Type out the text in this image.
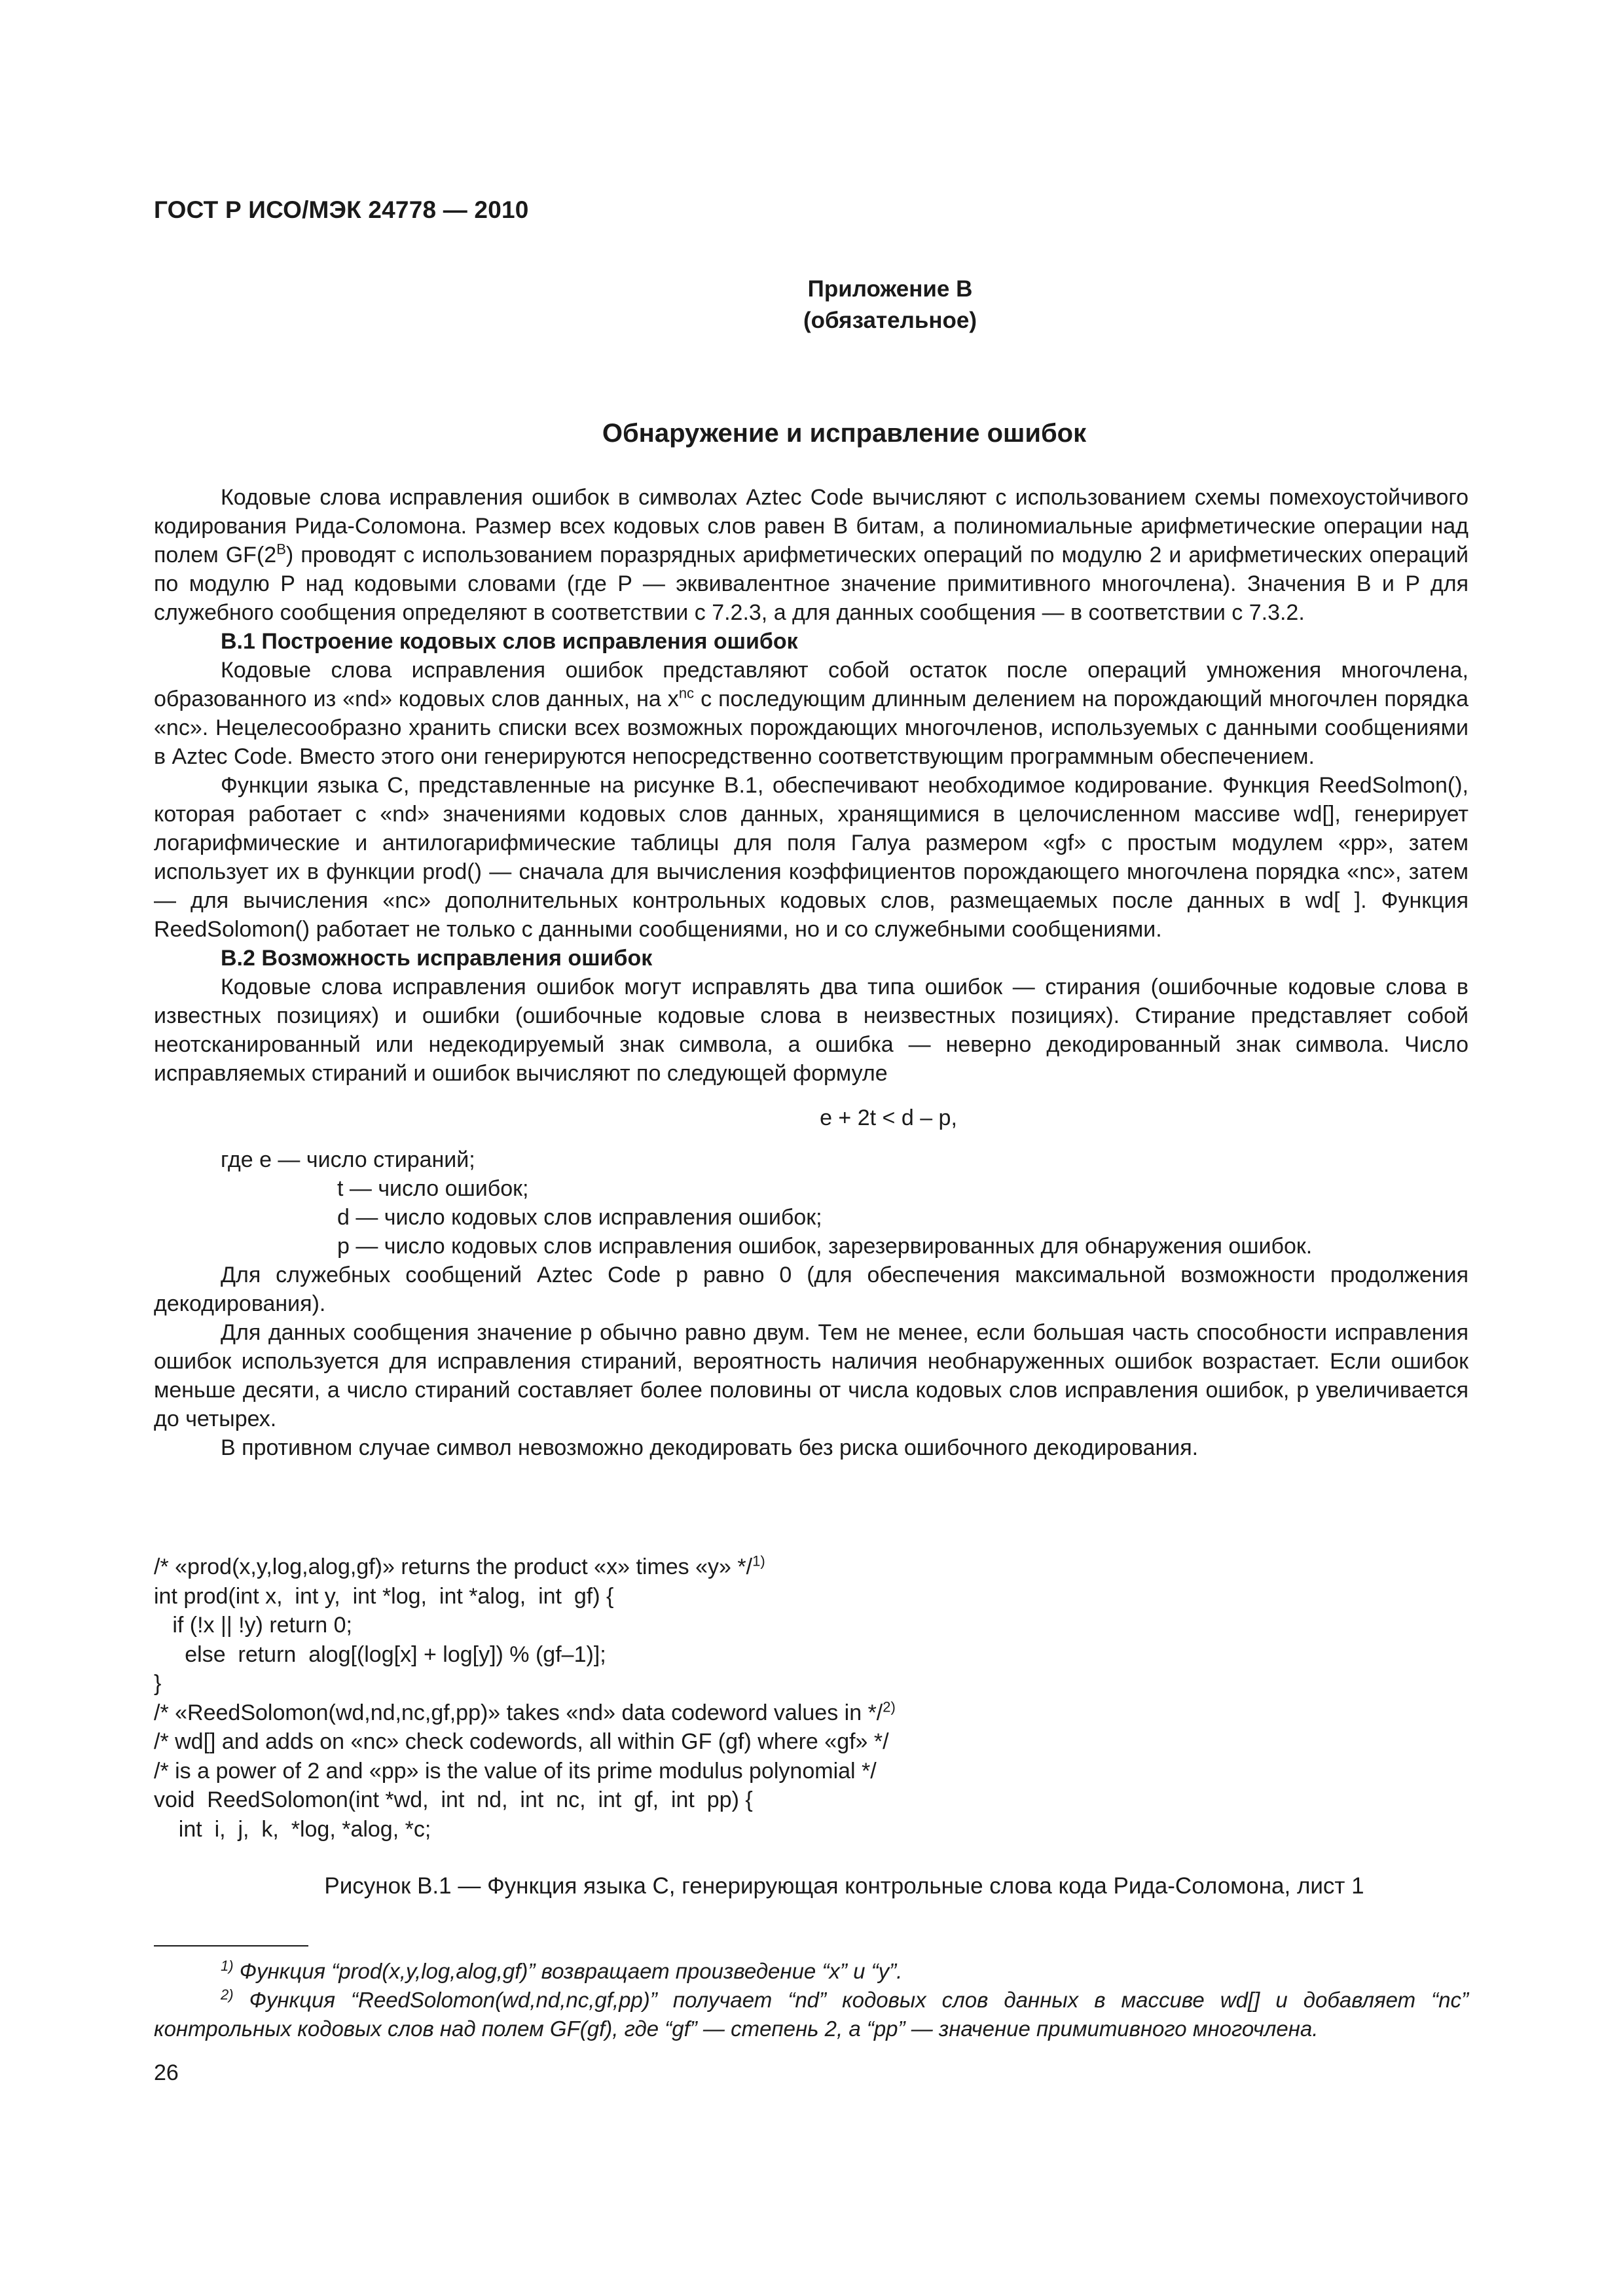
ГОСТ Р ИСО/МЭК 24778 — 2010
Приложение В
(обязательное)
Обнаружение и исправление ошибок

Кодовые слова исправления ошибок в символах Aztec Code вычисляют с использованием схемы помехоустойчивого кодирования Рида-Соломона. Размер всех кодовых слов равен B битам, а полиномиальные арифметические операции над полем $GF(2^B)$ проводят с использованием поразрядных арифметических операций по модулю 2 и арифметических операций по модулю P над кодовыми словами (где P — эквивалентное значение примитивного многочлена). Значения B и P для служебного сообщения определяют в соответствии с 7.2.3, а для данных сообщения — в соответствии с 7.3.2.

В.1 Построение кодовых слов исправления ошибок

Кодовые слова исправления ошибок представляют собой остаток после операций умножения многочлена, образованного из «nd» кодовых слов данных, на $x^{nc}$ с последующим длинным делением на порождающий многочлен порядка «nc». Нецелесообразно хранить списки всех возможных порождающих многочленов, используемых с данными сообщениями в Aztec Code. Вместо этого они генерируются непосредственно соответствующим программным обеспечением.

Функции языка С, представленные на рисунке В.1, обеспечивают необходимое кодирование. Функция ReedSolmon(), которая работает с «nd» значениями кодовых слов данных, хранящимися в целочисленном массиве wd[], генерирует логарифмические и антилогарифмические таблицы для поля Галуа размером «gf» с простым модулем «pp», затем использует их в функции prod() — сначала для вычисления коэффициентов порождающего многочлена порядка «nc», затем — для вычисления «nc» дополнительных контрольных кодовых слов, размещаемых после данных в wd[ ]. Функция ReedSolomon() работает не только с данными сообщениями, но и со служебными сообщениями.

В.2 Возможность исправления ошибок

Кодовые слова исправления ошибок могут исправлять два типа ошибок — стирания (ошибочные кодовые слова в известных позициях) и ошибки (ошибочные кодовые слова в неизвестных позициях). Стирание представляет собой неотсканированный или недекодируемый знак символа, а ошибка — неверно декодированный знак символа. Число исправляемых стираний и ошибок вычисляют по следующей формуле

e + 2t < d – p,
где e — число стираний;
t — число ошибок;
d — число кодовых слов исправления ошибок;
p — число кодовых слов исправления ошибок, зарезервированных для обнаружения ошибок.

Для служебных сообщений Aztec Code p равно 0 (для обеспечения максимальной возможности продолжения декодирования).

Для данных сообщения значение p обычно равно двум. Тем не менее, если большая часть способности исправления ошибок используется для исправления стираний, вероятность наличия необнаруженных ошибок возрастает. Если ошибок меньше десяти, а число стираний составляет более половины от числа кодовых слов исправления ошибок, p увеличивается до четырех.

В противном случае символ невозможно декодировать без риска ошибочного декодирования.

/* «prod(x,y,log,alog,gf)» returns the product «x» times «y» */$^{1)}$
int prod(int x,  int y,  int *log,  int *alog,  int  gf) {
if (!x || !y) return 0;
else  return  alog[(log[x] + log[y]) % (gf–1)];
}
/* «ReedSolomon(wd,nd,nc,gf,pp)» takes «nd» data codeword values in */$^{2)}$
/* wd[] and adds on «nc» check codewords, all within GF (gf) where «gf» */
/* is a power of 2 and «pp» is the value of its prime modulus polynomial */
void  ReedSolomon(int *wd,  int  nd,  int  nc,  int  gf,  int  pp) {
int  i,  j,  k,  *log, *alog, *c;
Рисунок В.1 — Функция языка С, генерирующая контрольные слова кода Рида-Соломона, лист 1

$^{1)}$ Функция “prod(x,y,log,alog,gf)” возвращает произведение “x” и “y”.

$^{2)}$ Функция “ReedSolomon(wd,nd,nc,gf,pp)” получает “nd” кодовых слов данных в массиве wd[] и добавляет “nc” контрольных кодовых слов над полем GF(gf), где “gf” — степень 2, а “pp” — значение примитивного многочлена.

26
